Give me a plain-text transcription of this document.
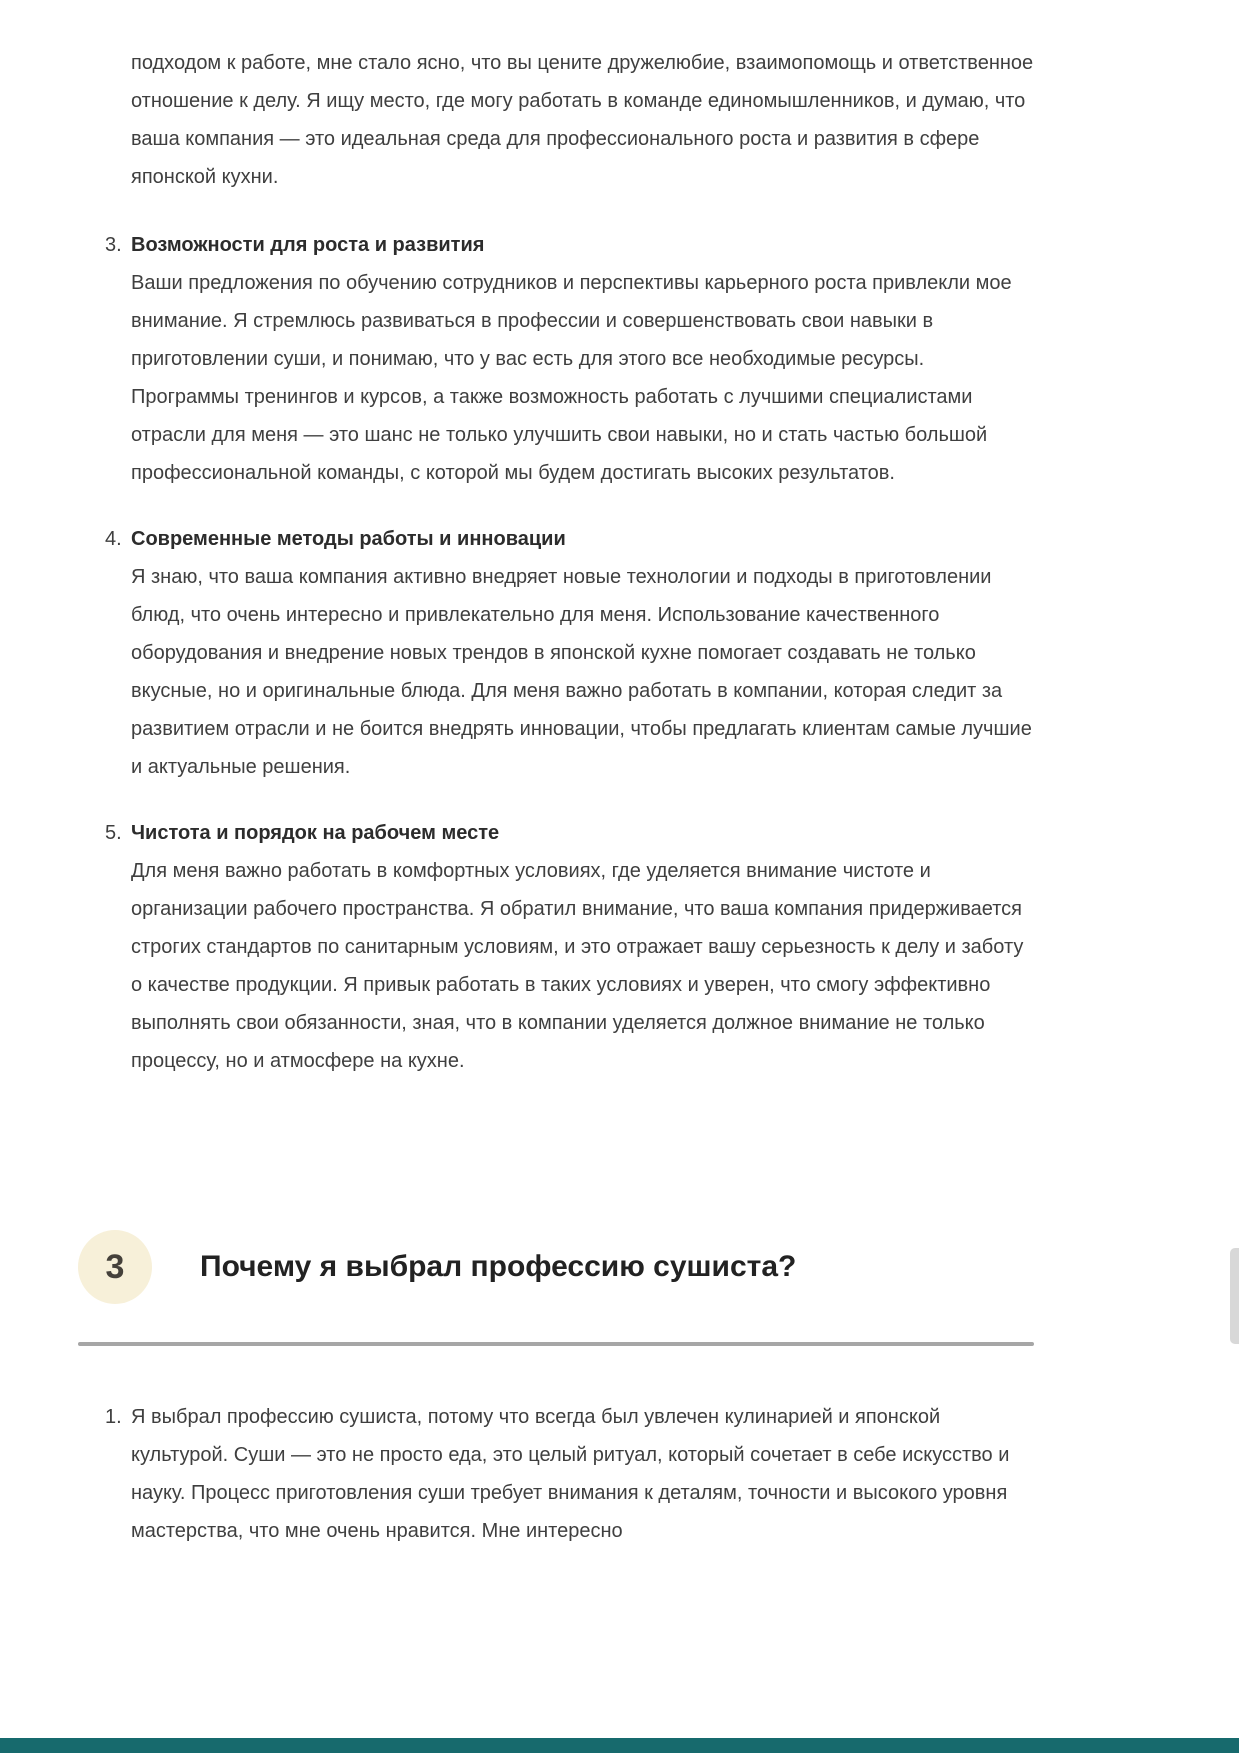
подходом к работе, мне стало ясно, что вы цените дружелюбие, взаимопомощь и ответственное отношение к делу. Я ищу место, где могу работать в команде единомышленников, и думаю, что ваша компания — это идеальная среда для профессионального роста и развития в сфере японской кухни.

3. Возможности для роста и развития
Ваши предложения по обучению сотрудников и перспективы карьерного роста привлекли мое внимание. Я стремлюсь развиваться в профессии и совершенствовать свои навыки в приготовлении суши, и понимаю, что у вас есть для этого все необходимые ресурсы. Программы тренингов и курсов, а также возможность работать с лучшими специалистами отрасли для меня — это шанс не только улучшить свои навыки, но и стать частью большой профессиональной команды, с которой мы будем достигать высоких результатов.
4. Современные методы работы и инновации
Я знаю, что ваша компания активно внедряет новые технологии и подходы в приготовлении блюд, что очень интересно и привлекательно для меня. Использование качественного оборудования и внедрение новых трендов в японской кухне помогает создавать не только вкусные, но и оригинальные блюда. Для меня важно работать в компании, которая следит за развитием отрасли и не боится внедрять инновации, чтобы предлагать клиентам самые лучшие и актуальные решения.
5. Чистота и порядок на рабочем месте
Для меня важно работать в комфортных условиях, где уделяется внимание чистоте и организации рабочего пространства. Я обратил внимание, что ваша компания придерживается строгих стандартов по санитарным условиям, и это отражает вашу серьезность к делу и заботу о качестве продукции. Я привык работать в таких условиях и уверен, что смогу эффективно выполнять свои обязанности, зная, что в компании уделяется должное внимание не только процессу, но и атмосфере на кухне.
3	Почему я выбрал профессию сушиста?
1. Я выбрал профессию сушиста, потому что всегда был увлечен кулинарией и японской культурой. Суши — это не просто еда, это целый ритуал, который сочетает в себе искусство и науку. Процесс приготовления суши требует внимания к деталям, точности и высокого уровня мастерства, что мне очень нравится. Мне интересно
